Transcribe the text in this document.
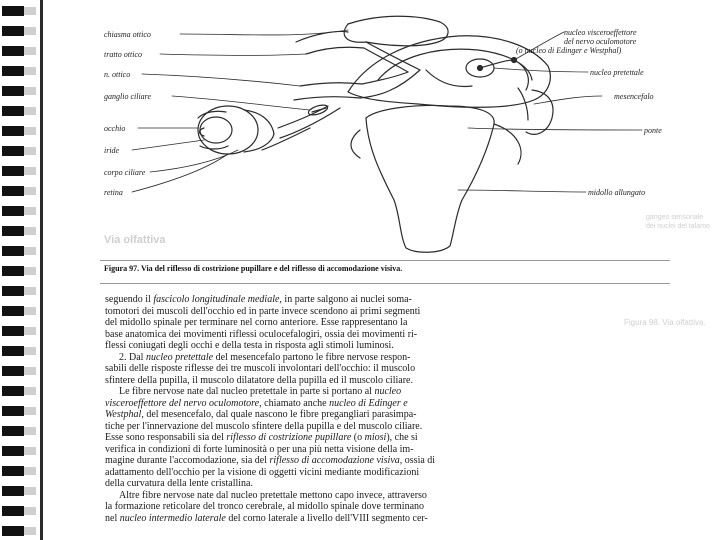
Via olfattiva
Figura 98. Via olfattiva.
gangeo sensoriale
dei nuclei del talamo
chiasma ottico
tratto ottico
n. ottico
ganglio ciliare
occhio
iride
corpo ciliare
retina
nucleo visceroeffettore
del nervo oculomotore
(o nucleo di Edinger e Westphal)
nucleo pretettale
mesencefalo
ponte
midollo allungato
Figura 97. Via del riflesso di costrizione pupillare e del riflesso di accomodazione visiva.
seguendo il fascicolo longitudinale mediale, in parte salgono ai nuclei soma-
tomotori dei muscoli dell'occhio ed in parte invece scendono ai primi segmenti
del midollo spinale per terminare nel corno anteriore. Esse rappresentano la
base anatomica dei movimenti riflessi oculocefalogiri, ossia dei movimenti ri-
flessi coniugati degli occhi e della testa in risposta agli stimoli luminosi.
2. Dal nucleo pretettale del mesencefalo partono le fibre nervose respon-
sabili delle risposte riflesse dei tre muscoli involontari dell'occhio: il muscolo
sfintere della pupilla, il muscolo dilatatore della pupilla ed il muscolo ciliare.
Le fibre nervose nate dal nucleo pretettale in parte si portano al nucleo
visceroeffettore del nervo oculomotore, chiamato anche nucleo di Edinger e
Westphal, del mesencefalo, dal quale nascono le fibre pregangliari parasimpa-
tiche per l'innervazione del muscolo sfintere della pupilla e del muscolo ciliare.
Esse sono responsabili sia del riflesso di costrizione pupillare (o miosi), che si
verifica in condizioni di forte luminosità o per una più netta visione della im-
magine durante l'accomodazione, sia del riflesso di accomodazione visiva, ossia di
adattamento dell'occhio per la visione di oggetti vicini mediante modificazioni
della curvatura della lente cristallina.
Altre fibre nervose nate dal nucleo pretettale mettono capo invece, attraverso
la formazione reticolare del tronco cerebrale, al midollo spinale dove terminano
nel nucleo intermedio laterale del corno laterale a livello dell'VIII segmento cer-
